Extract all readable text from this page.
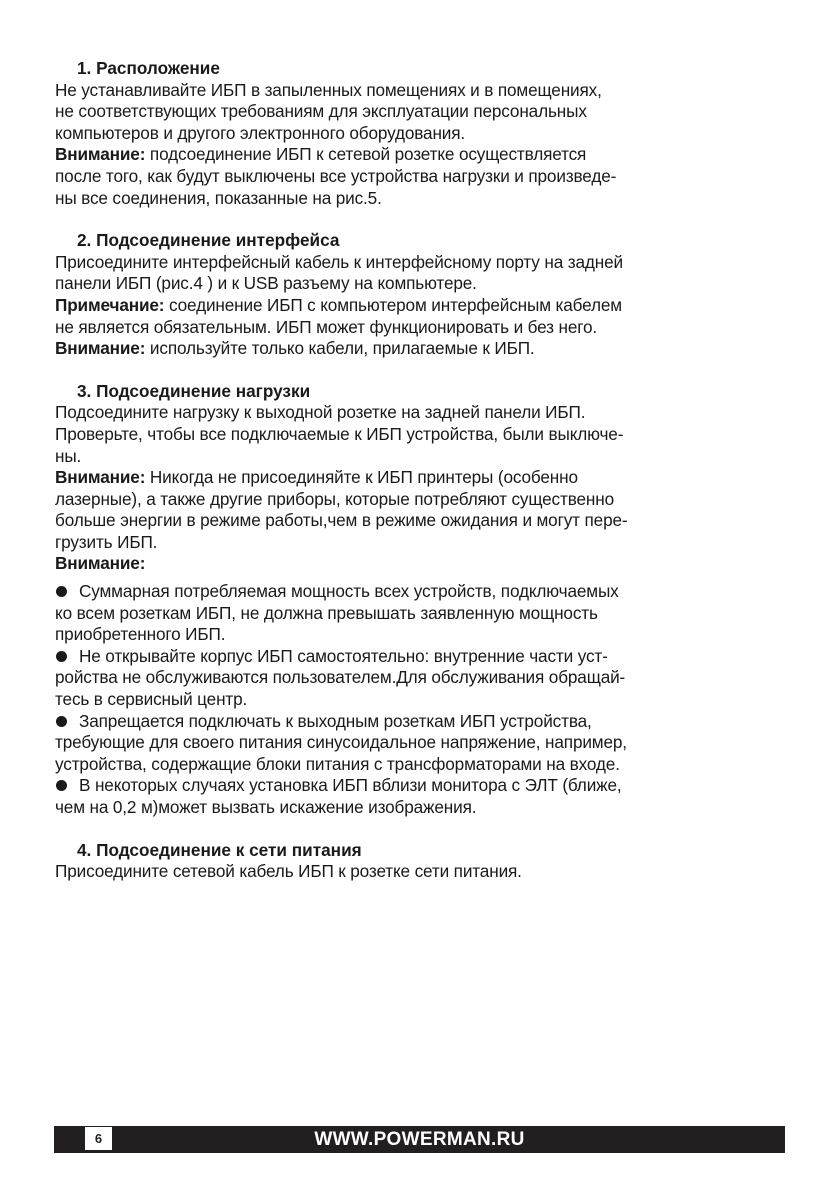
1. Расположение
Не устанавливайте ИБП в запыленных помещениях и в помещениях,
не соответствующих требованиям для эксплуатации персональных
компьютеров и другого электронного оборудования.
Внимание: подсоединение ИБП к сетевой розетке осуществляется
после того, как будут выключены все устройства нагрузки и произведе-
ны все соединения, показанные на рис.5.
2. Подсоединение интерфейса
Присоедините интерфейсный кабель к интерфейсному порту на задней
панели ИБП (рис.4 ) и к USB разъему на компьютере.
Примечание: соединение ИБП с компьютером интерфейсным кабелем
не является обязательным. ИБП может функционировать и без него.
Внимание: используйте только кабели, прилагаемые к ИБП.
3. Подсоединение нагрузки
Подсоедините нагрузку к выходной розетке на задней панели ИБП.
Проверьте, чтобы все подключаемые к ИБП устройства, были выключе-
ны.
Внимание: Никогда не присоединяйте к ИБП принтеры (особенно
лазерные), а также другие приборы, которые потребляют существенно
больше энергии в режиме работы,чем в режиме ожидания и могут пере-
грузить ИБП.
Внимание:
Суммарная потребляемая мощность всех устройств, подключаемых
ко всем розеткам ИБП, не должна превышать заявленную мощность
приобретенного ИБП.
Не открывайте корпус ИБП самостоятельно: внутренние части уст-
ройства не обслуживаются пользователем.Для обслуживания обращай-
тесь в сервисный центр.
Запрещается подключать к выходным розеткам ИБП устройства,
требующие для своего питания синусоидальное напряжение, например,
устройства, содержащие блоки питания с трансформаторами на входе.
В некоторых случаях установка ИБП вблизи монитора с ЭЛТ (ближе,
чем на 0,2 м)может вызвать искажение изображения.
4. Подсоединение к сети питания
Присоедините сетевой кабель ИБП к розетке сети питания.
6	WWW.POWERMAN.RU
